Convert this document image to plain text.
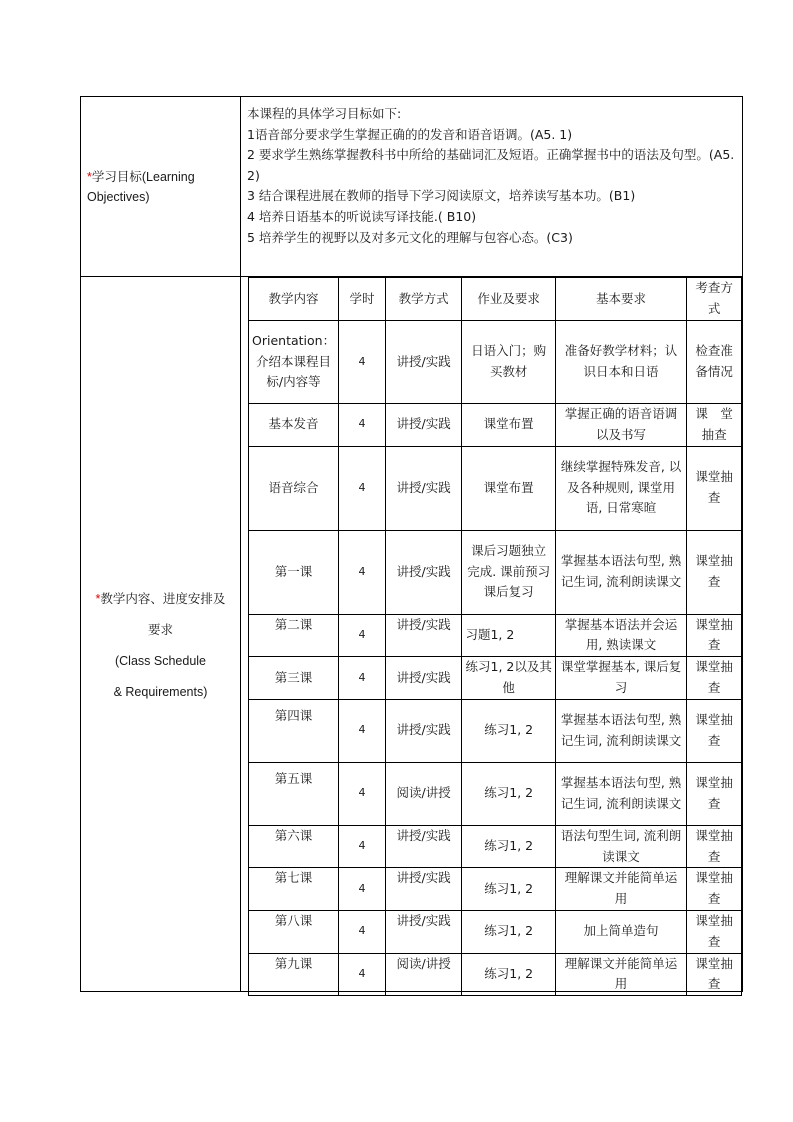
*学习目标(Learning Objectives)
本课程的具体学习目标如下:
1语音部分要求学生掌握正确的的发音和语音语调。(A5. 1)
2 要求学生熟练掌握教科书中所给的基础词汇及短语。正确掌握书中的语法及句型。(A5. 2)
3 结合课程进展在教师的指导下学习阅读原文，培养读写基本功。(B1)
4 培养日语基本的听说读写译技能.( B10)
5 培养学生的视野以及对多元文化的理解与包容心态。(C3)
*教学内容、进度安排及
要求
(Class Schedule
& Requirements)
教学内容	学时	教学方式	作业及要求	基本要求	考查方式
Orientation：介绍本课程目标/内容等	4	讲授/实践	日语入门；购买教材	准备好教学材料；认识日本和日语	检查准备情况
基本发音	4	讲授/实践	课堂布置	掌握正确的语音语调以及书写	课　堂抽查
语音综合	4	讲授/实践	课堂布置	继续掌握特殊发音, 以及各种规则, 课堂用语, 日常寒暄	课堂抽查
第一课	4	讲授/实践	课后习题独立完成. 课前预习课后复习	掌握基本语法句型, 熟记生词, 流利朗读课文	课堂抽查
第二课	4	讲授/实践	习题1, 2	掌握基本语法并会运用, 熟读课文	课堂抽查
第三课	4	讲授/实践	练习1, 2以及其他	课堂掌握基本, 课后复习	课堂抽查
第四课	4	讲授/实践	练习1, 2	掌握基本语法句型, 熟记生词, 流利朗读课文	课堂抽查
第五课	4	阅读/讲授	练习1, 2	掌握基本语法句型, 熟记生词, 流利朗读课文	课堂抽查
第六课	4	讲授/实践	练习1, 2	语法句型生词, 流利朗读课文	课堂抽查
第七课	4	讲授/实践	练习1, 2	理解课文并能简单运用	课堂抽查
第八课	4	讲授/实践	练习1, 2	加上简单造句	课堂抽查
第九课	4	阅读/讲授	练习1, 2	理解课文并能简单运用	课堂抽查
